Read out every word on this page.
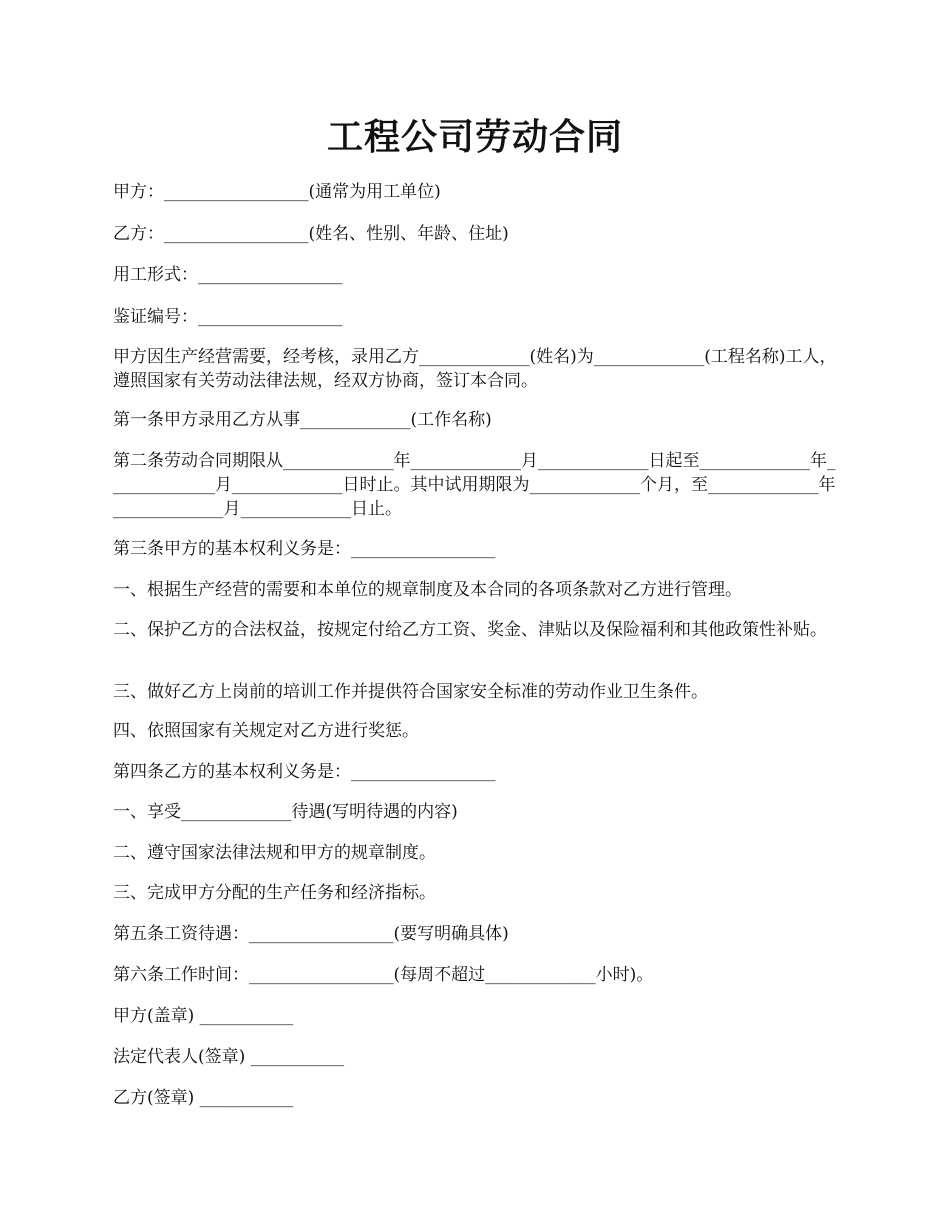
工程公司劳动合同

甲方：_________________(通常为用工单位)

乙方：_________________(姓名、性别、年龄、住址)

用工形式：_________________

鉴证编号：_________________

甲方因生产经营需要，经考核，录用乙方_____________(姓名)为_____________(工程名称)工人，遵照国家有关劳动法律法规，经双方协商，签订本合同。

第一条甲方录用乙方从事_____________(工作名称)

第二条劳动合同期限从_____________年_____________月_____________日起至_____________年_____________月_____________日时止。其中试用期限为_____________个月，至_____________年_____________月_____________日止。

第三条甲方的基本权利义务是：_________________

一、根据生产经营的需要和本单位的规章制度及本合同的各项条款对乙方进行管理。

二、保护乙方的合法权益，按规定付给乙方工资、奖金、津贴以及保险福利和其他政策性补贴。

三、做好乙方上岗前的培训工作并提供符合国家安全标准的劳动作业卫生条件。

四、依照国家有关规定对乙方进行奖惩。

第四条乙方的基本权利义务是：_________________

一、享受_____________待遇(写明待遇的内容)

二、遵守国家法律法规和甲方的规章制度。

三、完成甲方分配的生产任务和经济指标。

第五条工资待遇：_________________(要写明确具体)

第六条工作时间：_________________(每周不超过_____________小时)。

甲方(盖章) ___________

法定代表人(签章) ___________

乙方(签章) ___________
